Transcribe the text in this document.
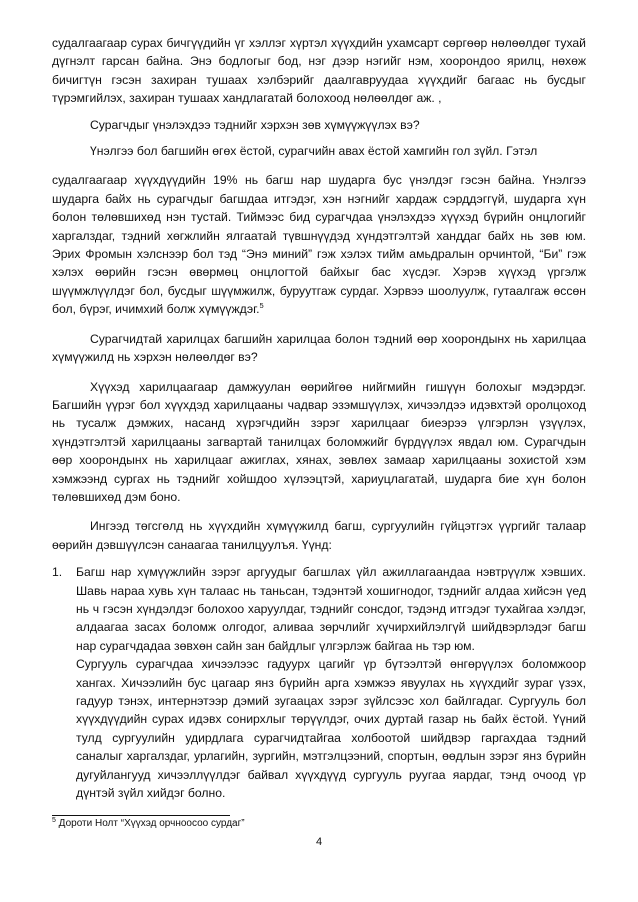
судалгаагаар сурах бичгүүдийн үг хэллэг хүртэл хүүхдийн ухамсарт сөргөөр нөлөөлдөг тухай дүгнэлт гарсан байна. Энэ бодлогыг бод, нэг дээр нэгийг нэм, хоорондоо ярилц, нөхөж бичигтүн гэсэн захиран тушаах хэлбэрийг даалгавруудаа хүүхдийг багаас нь бусдыг түрэмгийлэх, захиран тушаах хандлагатай болохоод нөлөөлдөг аж. ,

Сурагчдыг үнэлэхдээ тэднийг хэрхэн зөв хүмүүжүүлэх вэ?

Үнэлгээ бол багшийн өгөх ёстой, сурагчийн авах ёстой хамгийн гол зүйл. Гэтэл

судалгаагаар хүүхдүүдийн 19% нь багш нар шударга бус үнэлдэг гэсэн байна. Үнэлгээ шударга байх нь сурагчдыг багшдаа итгэдэг, хэн нэгнийг хардаж сэрддэггүй, шударга хүн болон төлөвшихөд нэн тустай. Тиймээс бид сурагчдаа үнэлэхдээ хүүхэд бүрийн онцлогийг харгалздаг, тэдний хөгжлийн ялгаатай түвшнүүдэд хүндэтгэлтэй ханддаг байх нь зөв юм. Эрих Фромын хэлснээр бол тэд “Энэ миний” гэж хэлэх тийм амьдралын орчинтой, “Би” гэж хэлэх өөрийн гэсэн өвөрмөц онцлогтой байхыг бас хүсдэг. Хэрэв хүүхэд үргэлж шүүмжлүүлдэг бол, бусдыг шүүмжилж, буруутгаж сурдаг. Хэрвээ шоолуулж, гутаалгаж өссөн бол, бүрэг, ичимхий болж хүмүүждэг.$^5$

Сурагчидтай харилцах багшийн харилцаа болон тэдний өөр хоорондынх нь харилцаа хүмүүжилд нь хэрхэн нөлөөлдөг вэ?

Хүүхэд харилцаагаар дамжуулан өөрийгөө нийгмийн гишүүн болохыг мэдэрдэг. Багшийн үүрэг бол хүүхдэд харилцааны чадвар эзэмшүүлэх, хичээлдээ идэвхтэй оролцоход нь тусалж дэмжих, насанд хүрэгчдийн зэрэг харилцааг биеэрээ үлгэрлэн үзүүлэх, хүндэтгэлтэй харилцааны загвартай танилцах боломжийг бүрдүүлэх явдал юм. Сурагчдын өөр хоорондынх нь харилцааг ажиглах, хянах, зөвлөх замаар харилцааны зохистой хэм хэмжээнд сургах нь тэднийг хойшдоо хүлээцтэй, хариуцлагатай, шударга бие хүн болон төлөвшихөд дэм боно.

Ингээд төгсгөлд нь хүүхдийн хүмүүжилд багш, сургуулийн гүйцэтгэх үүргийг талаар өөрийн дэвшүүлсэн санаагаа танилцуулъя. Үүнд:

1. Багш нар хүмүүжлийн зэрэг аргуудыг багшлах үйл ажиллагаандаа нэвтрүүлж хэвших. Шавь нараа хувь хүн талаас нь таньсан, тэдэнтэй хошигнодог, тэднийг алдаа хийсэн үед нь ч гэсэн хүндэлдэг болохоо харуулдаг, тэднийг сонсдог, тэдэнд итгэдэг тухайгаа хэлдэг, алдаагаа засах боломж олгодог, аливаа зөрчлийг хүчирхийлэлгүй шийдвэрлэдэг багш нар сурагчдадаа зөвхөн сайн зан байдлыг үлгэрлэж байгаа нь тэр юм.

Сургууль сурагчдаа хичээлээс гадуурх цагийг үр бүтээлтэй өнгөрүүлэх боломжоор хангах. Хичээлийн бус цагаар янз бүрийн арга хэмжээ явуулах нь хүүхдийг зураг үзэх, гадуур тэнэх, интернэтээр дэмий зугаацах зэрэг зүйлсээс хол байлгадаг. Сургууль бол хүүхдүүдийн сурах идэвх сонирхлыг төрүүлдэг, очих дуртай газар нь байх ёстой. Үүний тулд сургуулийн удирдлага сурагчидтайгаа холбоотой шийдвэр гаргахдаа тэдний саналыг харгалздаг, урлагийн, зургийн, мэтгэлцээний, спортын, өөдлын зэрэг янз бүрийн дугуйлангууд хичээллүүлдэг байвал хүүхдүүд сургууль руугаа яардаг, тэнд очоод үр дүнтэй зүйл хийдэг болно.

$^5$ Дороти Нолт “Хүүхэд орчноосоо сурдаг”
4
